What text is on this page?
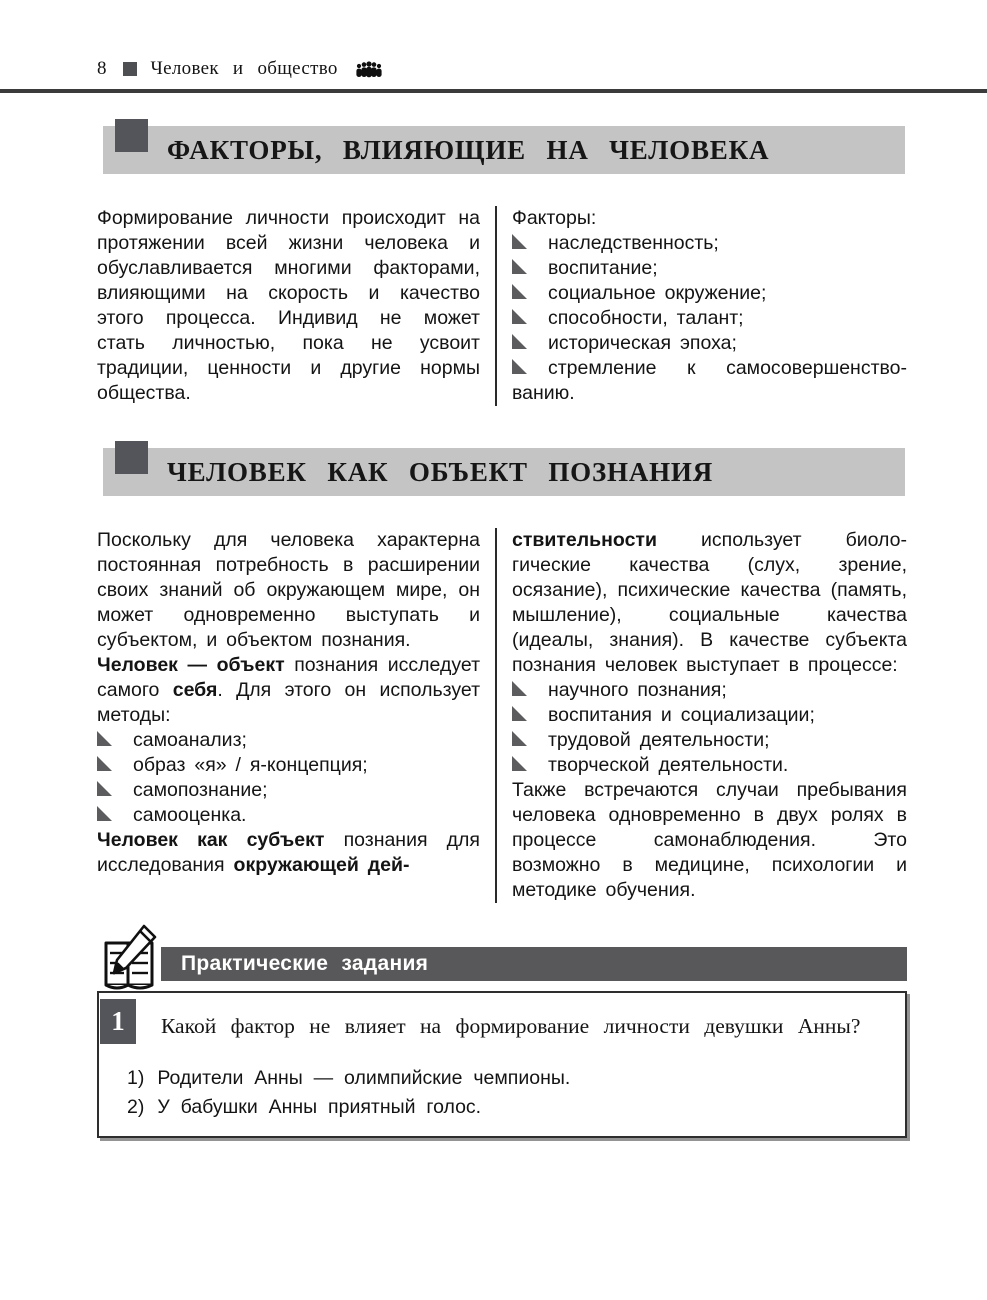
8 Человек и общество
ФАКТОРЫ, ВЛИЯЮЩИЕ НА ЧЕЛОВЕКА

Формирование личности происходит на протяжении всей жизни человека и обуславливается многими факторами, влияющими на скорость и качество этого процесса. Индивид не может стать личностью, пока не усвоит традиции, ценности и другие нормы общества.

Факторы:

наследственность;
воспитание;
социальное окружение;
способности, талант;
историческая эпоха;
стремление к самосовершенствованию.
ЧЕЛОВЕК КАК ОБЪЕКТ ПОЗНАНИЯ

Поскольку для человека характерна постоянная потребность в расширении своих знаний об окружающем мире, он может одновременно выступать и субъектом, и объектом познания.

Человек — объект познания исследует самого себя. Для этого он использует методы:

самоанализ;
образ «я» / я-концепция;
самопознание;
самооценка.

Человек как субъект познания для исследования окружающей дей-

ствительности использует биологические качества (слух, зрение, осязание), психические качества (память, мышление), социальные качества (идеалы, знания). В качестве субъекта познания человек выступает в процессе:

научного познания;
воспитания и социализации;
трудовой деятельности;
творческой деятельности.

Также встречаются случаи пребывания человека одновременно в двух ролях в процессе самонаблюдения. Это возможно в медицине, психологии и методике обучения.

Практические задания
1	Какой фактор не влияет на формирование личности девушки Анны?

1) Родители Анны — олимпийские чемпионы.

2) У бабушки Анны приятный голос.
